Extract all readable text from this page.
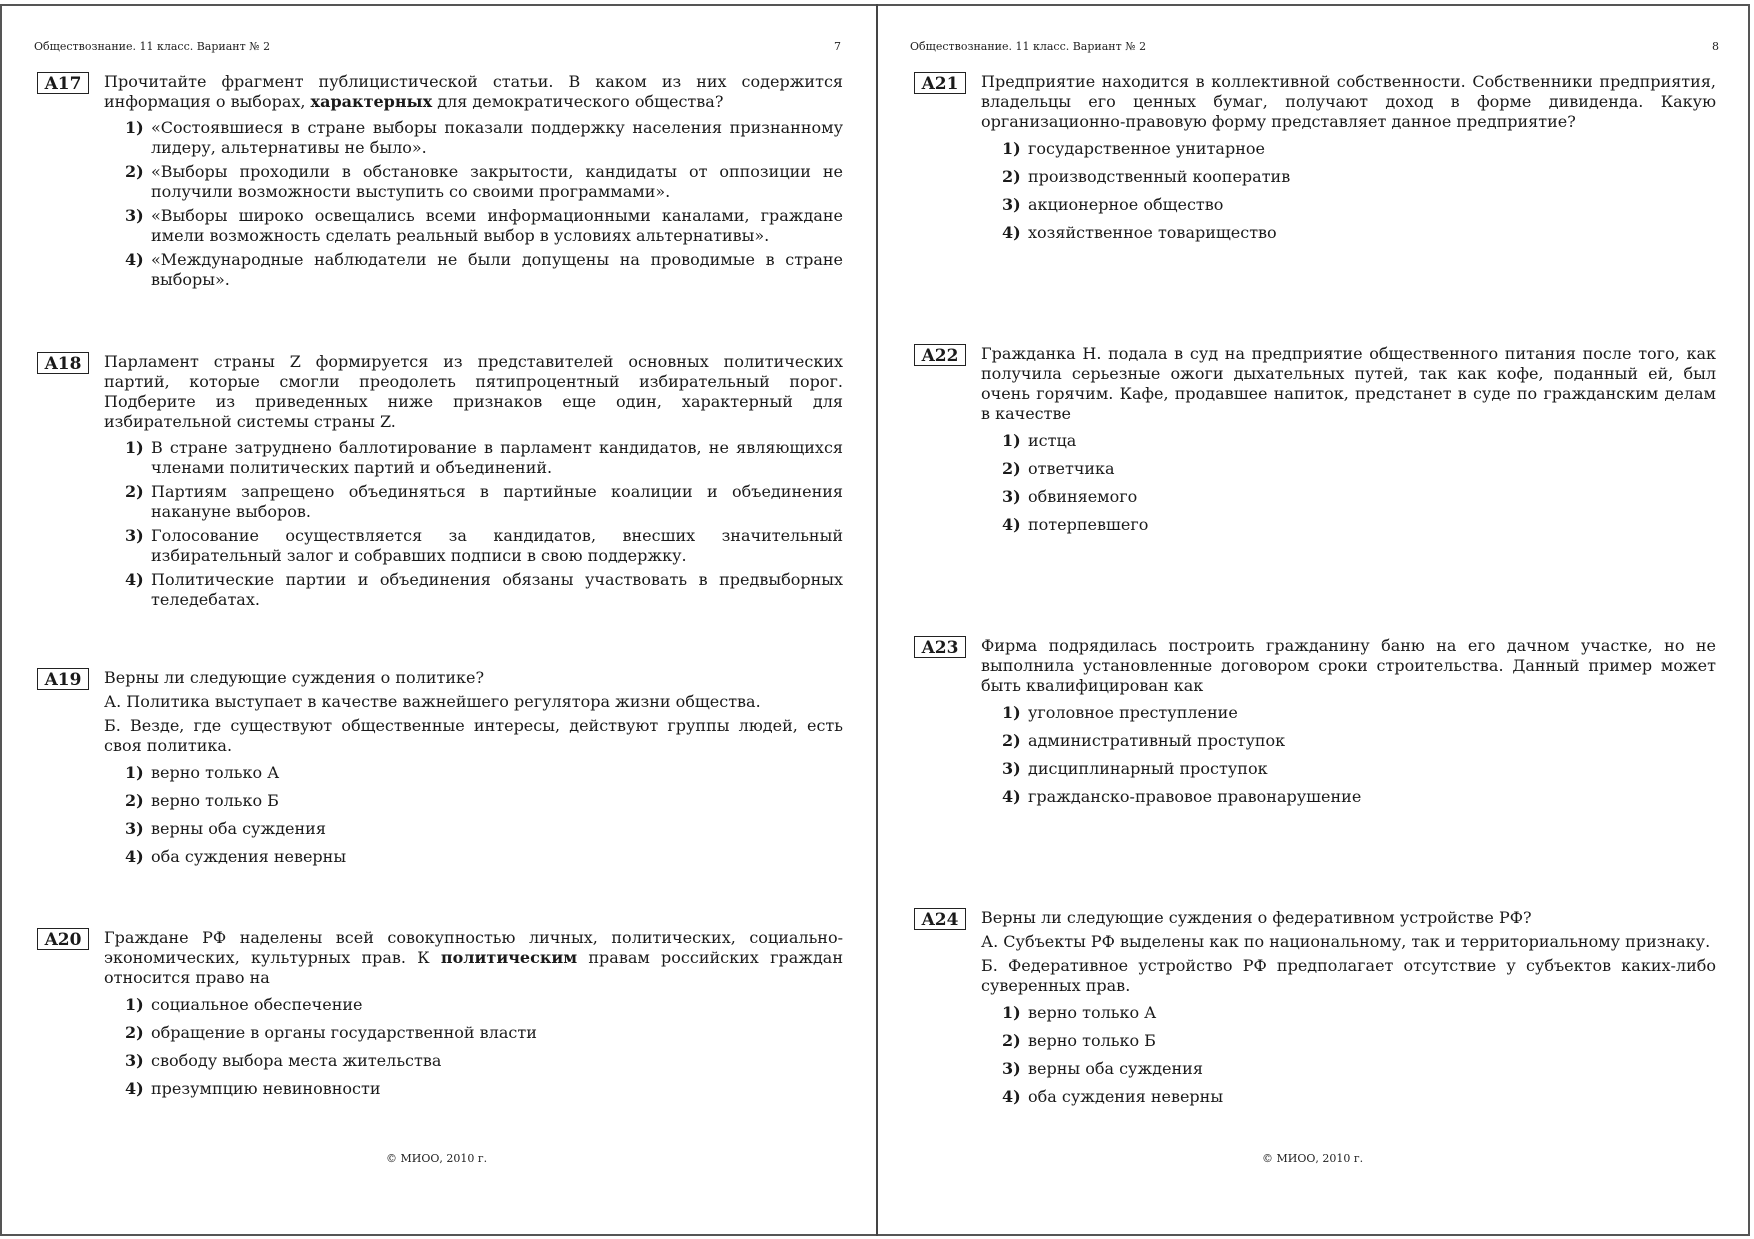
Обществознание. 11 класс. Вариант № 2	7
A17	Прочитайте фрагмент публицистической статьи. В каком из них содержится информация о выборах, характерных для демократического общества?

1) «Состоявшиеся в стране выборы показали поддержку населения признанному лидеру, альтернативы не было».
2) «Выборы проходили в обстановке закрытости, кандидаты от оппозиции не получили возможности выступить со своими программами».
3) «Выборы широко освещались всеми информационными каналами, граждане имели возможность сделать реальный выбор в условиях альтернативы».
4) «Международные наблюдатели не были допущены на проводимые в стране выборы».
A18	Парламент страны Z формируется из представителей основных политических партий, которые смогли преодолеть пятипроцентный избирательный порог. Подберите из приведенных ниже признаков еще один, характерный для избирательной системы страны Z.

1) В стране затруднено баллотирование в парламент кандидатов, не являющихся членами политических партий и объединений.
2) Партиям запрещено объединяться в партийные коалиции и объединения накануне выборов.
3) Голосование осуществляется за кандидатов, внесших значительный избирательный залог и собравших подписи в свою поддержку.
4) Политические партии и объединения обязаны участвовать в предвыборных теледебатах.
A19	Верны ли следующие суждения о политике?

А. Политика выступает в качестве важнейшего регулятора жизни общества.

Б. Везде, где существуют общественные интересы, действуют группы людей, есть своя политика.

1) верно только А
2) верно только Б
3) верны оба суждения
4) оба суждения неверны
A20	Граждане РФ наделены всей совокупностью личных, политических, социально-экономических, культурных прав. К политическим правам российских граждан относится право на

1) социальное обеспечение
2) обращение в органы государственной власти
3) свободу выбора места жительства
4) презумпцию невиновности
© МИОО, 2010 г.
Обществознание. 11 класс. Вариант № 2	8
A21	Предприятие находится в коллективной собственности. Собственники предприятия, владельцы его ценных бумаг, получают доход в форме дивиденда. Какую организационно-правовую форму представляет данное предприятие?

1) государственное унитарное
2) производственный кооператив
3) акционерное общество
4) хозяйственное товарищество
A22	Гражданка Н. подала в суд на предприятие общественного питания после того, как получила серьезные ожоги дыхательных путей, так как кофе, поданный ей, был очень горячим. Кафе, продавшее напиток, предстанет в суде по гражданским делам в качестве

1) истца
2) ответчика
3) обвиняемого
4) потерпевшего
A23	Фирма подрядилась построить гражданину баню на его дачном участке, но не выполнила установленные договором сроки строительства. Данный пример может быть квалифицирован как

1) уголовное преступление
2) административный проступок
3) дисциплинарный проступок
4) гражданско-правовое правонарушение
A24	Верны ли следующие суждения о федеративном устройстве РФ?

А. Субъекты РФ выделены как по национальному, так и территориальному признаку.

Б. Федеративное устройство РФ предполагает отсутствие у субъектов каких-либо суверенных прав.

1) верно только А
2) верно только Б
3) верны оба суждения
4) оба суждения неверны
© МИОО, 2010 г.
